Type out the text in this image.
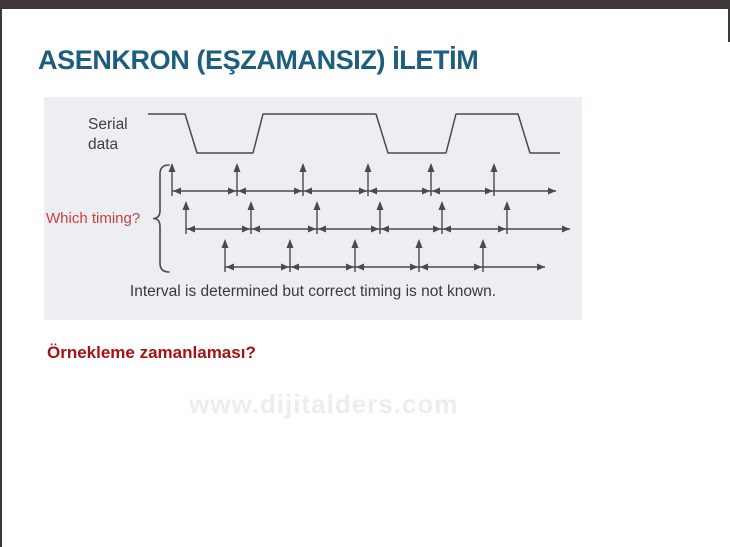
ASENKRON (EŞZAMANSIZ) İLETİM
Serial
data
Which timing?
Interval is determined but correct timing is not known.
Örnekleme zamanlaması?
www.dijitalders.com
